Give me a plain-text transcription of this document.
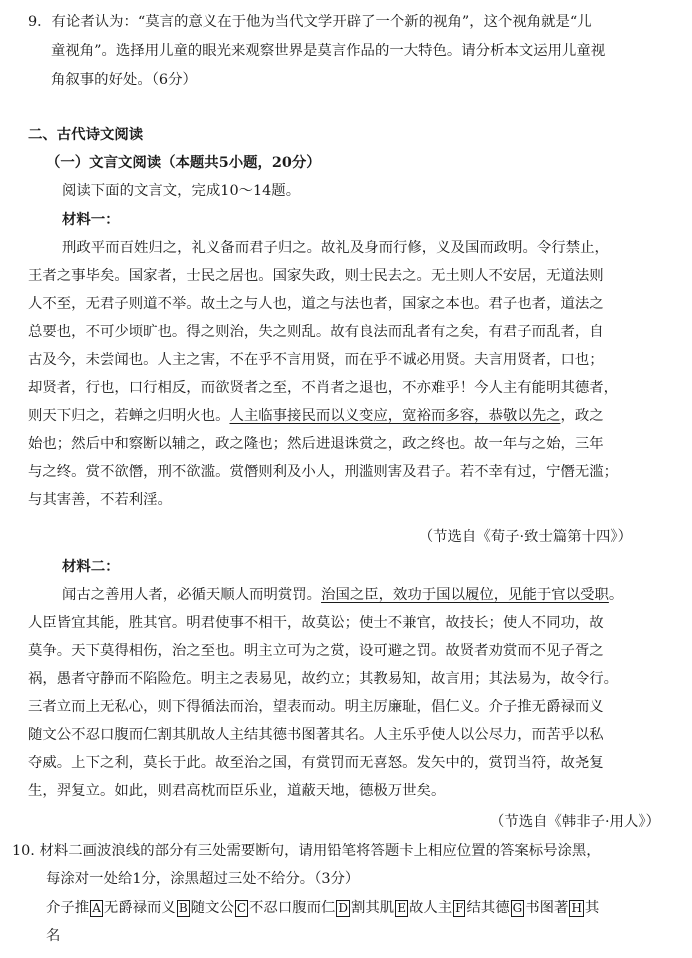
9．有论者认为：“莫言的意义在于他为当代文学开辟了一个新的视角”，这个视角就是“儿
童视角”。选择用儿童的眼光来观察世界是莫言作品的一大特色。请分析本文运用儿童视
角叙事的好处。（6分）
二、古代诗文阅读
（一）文言文阅读（本题共5小题，20分）
阅读下面的文言文，完成10～14题。
材料一：
刑政平而百姓归之，礼义备而君子归之。故礼及身而行修，义及国而政明。令行禁止，
王者之事毕矣。国家者，士民之居也。国家失政，则士民去之。无土则人不安居，无道法则
人不至，无君子则道不举。故土之与人也，道之与法也者，国家之本也。君子也者，道法之
总要也，不可少顷旷也。得之则治，失之则乱。故有良法而乱者有之矣，有君子而乱者，自
古及今，未尝闻也。人主之害，不在乎不言用贤，而在乎不诚必用贤。夫言用贤者，口也；
却贤者，行也，口行相反，而欲贤者之至，不肖者之退也，不亦难乎！今人主有能明其德者，
则天下归之，若蝉之归明火也。人主临事接民而以义变应，宽裕而多容，恭敬以先之，政之
始也；然后中和察断以辅之，政之隆也；然后进退诛赏之，政之终也。故一年与之始，三年
与之终。赏不欲僭，刑不欲滥。赏僭则利及小人，刑滥则害及君子。若不幸有过，宁僭无滥；
与其害善，不若利淫。
（节选自《荀子·致士篇第十四》）
材料二：
闻古之善用人者，必循天顺人而明赏罚。治国之臣，效功于国以履位，见能于官以受职。
人臣皆宜其能，胜其官。明君使事不相干，故莫讼；使士不兼官，故技长；使人不同功，故
莫争。天下莫得相伤，治之至也。明主立可为之赏，设可避之罚。故贤者劝赏而不见子胥之
祸，愚者守静而不陷险危。明主之表易见，故约立；其教易知，故言用；其法易为，故令行。
三者立而上无私心，则下得循法而治，望表而动。明主厉廉耻，倡仁义。介子推无爵禄而义
随文公不忍口腹而仁割其肌故人主结其德书图著其名。人主乐乎使人以公尽力，而苦乎以私
夺威。上下之利，莫长于此。故至治之国，有赏罚而无喜怒。发矢中的，赏罚当符，故尧复
生，羿复立。如此，则君高枕而臣乐业，道蔽天地，德极万世矣。
（节选自《韩非子·用人》）
10. 材料二画波浪线的部分有三处需要断句，请用铅笔将答题卡上相应位置的答案标号涂黑，
每涂对一处给1分，涂黑超过三处不给分。（3分）
介子推 A 无爵禄而义 B 随文公 C 不忍口腹而仁 D 割其肌 E 故人主 F 结其德 G 书图著 H 其
名
